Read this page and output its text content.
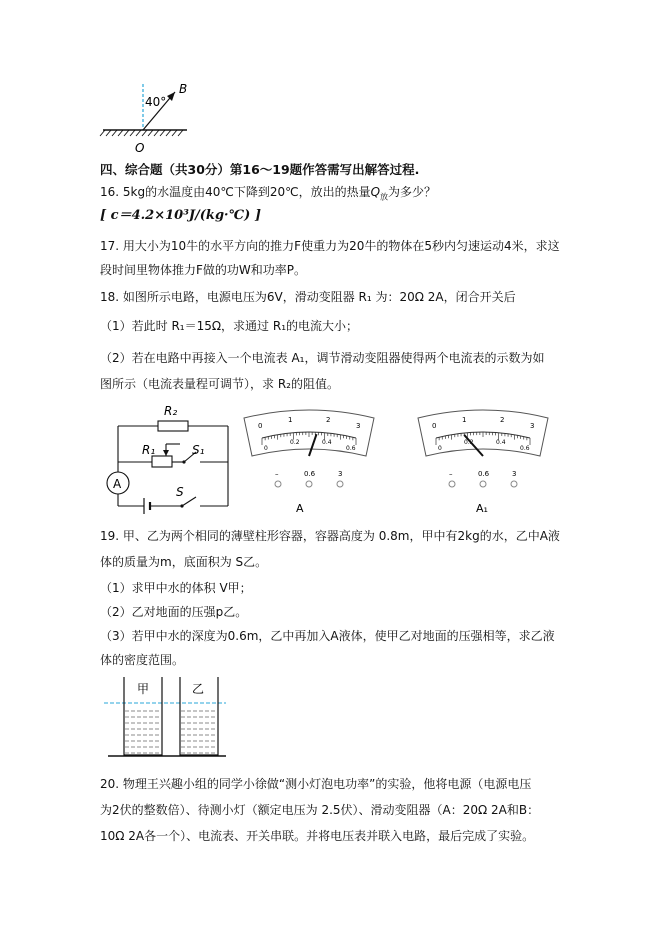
40°
B
O
四、综合题（共30分）第16～19题作答需写出解答过程.
16. 5kg的水温度由40℃下降到20℃，放出的热量$Q_放$为多少？
[ c＝4.2×10³J/(kg·℃) ]
17. 用大小为10牛的水平方向的推力F使重力为20牛的物体在5秒内匀速运动4米，求这
段时间里物体推力F做的功W和功率P。
18. 如图所示电路，电源电压为6V，滑动变阻器 R₁ 为：20Ω 2A，闭合开关后
（1）若此时 R₁＝15Ω，求通过 R₁的电流大小；
（2）若在电路中再接入一个电流表 A₁，调节滑动变阻器使得两个电流表的示数为如
图所示（电流表量程可调节），求 R₂的阻值。
A
R₂
R₁	S₁
S
0
1	2
3
0
0.2	0.4
0.6
–	0.6	3
A
0
1	2
3
0
0.2	0.4
0.6
–	0.6	3
A₁
19. 甲、乙为两个相同的薄壁柱形容器，容器高度为 0.8m，甲中有2kg的水，乙中A液
体的质量为m，底面积为 S乙。
（1）求甲中水的体积 V甲；
（2）乙对地面的压强p乙。
（3）若甲中水的深度为0.6m，乙中再加入A液体，使甲乙对地面的压强相等，求乙液
体的密度范围。
甲	乙
20. 物理王兴趣小组的同学小徐做“测小灯泡电功率”的实验，他将电源（电源电压
为2伏的整数倍）、待测小灯（额定电压为 2.5伏）、滑动变阻器（A：20Ω 2A和B：
10Ω 2A各一个）、电流表、开关串联。并将电压表并联入电路，最后完成了实验。
